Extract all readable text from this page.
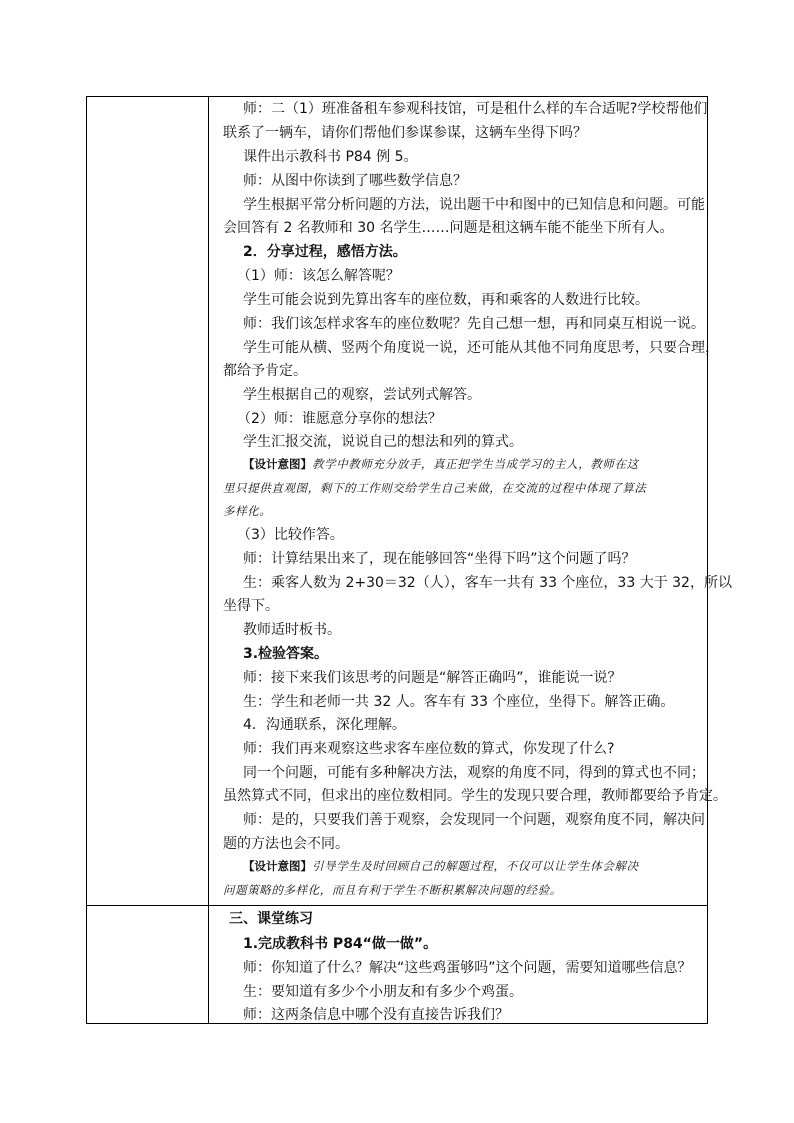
师：二（1）班准备租车参观科技馆，可是租什么样的车合适呢?学校帮他们
联系了一辆车，请你们帮他们参谋参谋，这辆车坐得下吗？
课件出示教科书 P84 例 5。
师：从图中你读到了哪些数学信息？
学生根据平常分析问题的方法，说出题干中和图中的已知信息和问题。可能
会回答有 2 名教师和 30 名学生……问题是租这辆车能不能坐下所有人。
2．分享过程，感悟方法。
（1）师：该怎么解答呢？
学生可能会说到先算出客车的座位数，再和乘客的人数进行比较。
师：我们该怎样求客车的座位数呢？先自己想一想，再和同桌互相说一说。
学生可能从横、竖两个角度说一说，还可能从其他不同角度思考，只要合理，
都给予肯定。
学生根据自己的观察，尝试列式解答。
（2）师：谁愿意分享你的想法？
学生汇报交流，说说自己的想法和列的算式。
【设计意图】教学中教师充分放手，真正把学生当成学习的主人，教师在这
里只提供直观图，剩下的工作则交给学生自己来做，在交流的过程中体现了算法
多样化。
（3）比较作答。
师：计算结果出来了，现在能够回答“坐得下吗”这个问题了吗？
生：乘客人数为 2+30＝32（人），客车一共有 33 个座位，33 大于 32，所以
坐得下。
教师适时板书。
3.检验答案。
师：接下来我们该思考的问题是“解答正确吗”，谁能说一说？
生：学生和老师一共 32 人。客车有 33 个座位，坐得下。解答正确。
4．沟通联系，深化理解。
师：我们再来观察这些求客车座位数的算式，你发现了什么?
同一个问题，可能有多种解决方法，观察的角度不同，得到的算式也不同；
虽然算式不同，但求出的座位数相同。学生的发现只要合理，教师都要给予肯定。
师：是的，只要我们善于观察，会发现同一个问题，观察角度不同，解决问
题的方法也会不同。
【设计意图】引导学生及时回顾自己的解题过程，不仅可以让学生体会解决
问题策略的多样化，而且有利于学生不断积累解决问题的经验。
三、课堂练习
1.完成教科书 P84“做一做”。
师：你知道了什么？解决“这些鸡蛋够吗”这个问题，需要知道哪些信息？
生：要知道有多少个小朋友和有多少个鸡蛋。
师：这两条信息中哪个没有直接告诉我们？
